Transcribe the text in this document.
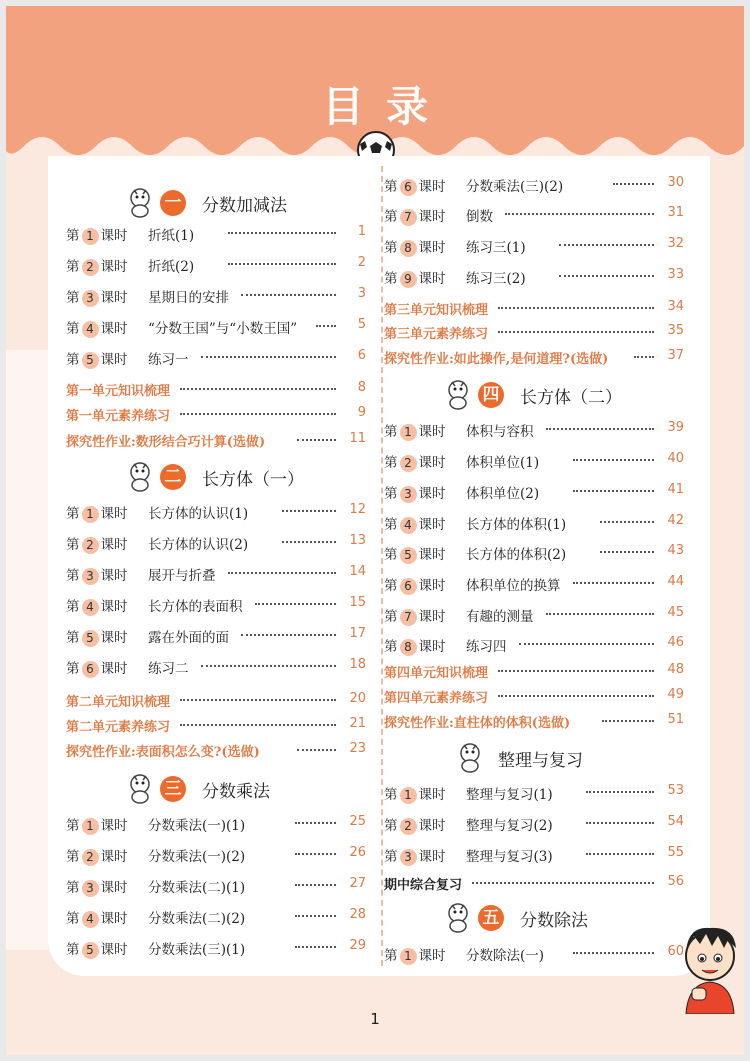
目录
一 分数加减法
第 1 课时 折纸(1)	1
第 2 课时 折纸(2)	2
第 3 课时 星期日的安排	3
第 4 课时 “分数王国”与“小数王国”	5
第 5 课时 练习一	6
第一单元知识梳理	8
第一单元素养练习	9
探究性作业:数形结合巧计算(选做)	11
二 长方体（一）
第 1 课时 长方体的认识(1)	12
第 2 课时 长方体的认识(2)	13
第 3 课时 展开与折叠	14
第 4 课时 长方体的表面积	15
第 5 课时 露在外面的面	17
第 6 课时 练习二	18
第二单元知识梳理	20
第二单元素养练习	21
探究性作业:表面积怎么变?(选做)	23
三 分数乘法
第 1 课时 分数乘法(一)(1)	25
第 2 课时 分数乘法(一)(2)	26
第 3 课时 分数乘法(二)(1)	27
第 4 课时 分数乘法(二)(2)	28
第 5 课时 分数乘法(三)(1)	29
第 6 课时 分数乘法(三)(2)	30
第 7 课时 倒数	31
第 8 课时 练习三(1)	32
第 9 课时 练习三(2)	33
第三单元知识梳理	34
第三单元素养练习	35
探究性作业:如此操作,是何道理?(选做)	37
四 长方体（二）
第 1 课时 体积与容积	39
第 2 课时 体积单位(1)	40
第 3 课时 体积单位(2)	41
第 4 课时 长方体的体积(1)	42
第 5 课时 长方体的体积(2)	43
第 6 课时 体积单位的换算	44
第 7 课时 有趣的测量	45
第 8 课时 练习四	46
第四单元知识梳理	48
第四单元素养练习	49
探究性作业:直柱体的体积(选做)	51
整理与复习
第 1 课时 整理与复习(1)	53
第 2 课时 整理与复习(2)	54
第 3 课时 整理与复习(3)	55
期中综合复习	56
五 分数除法
第 1 课时 分数除法(一)	60
1
